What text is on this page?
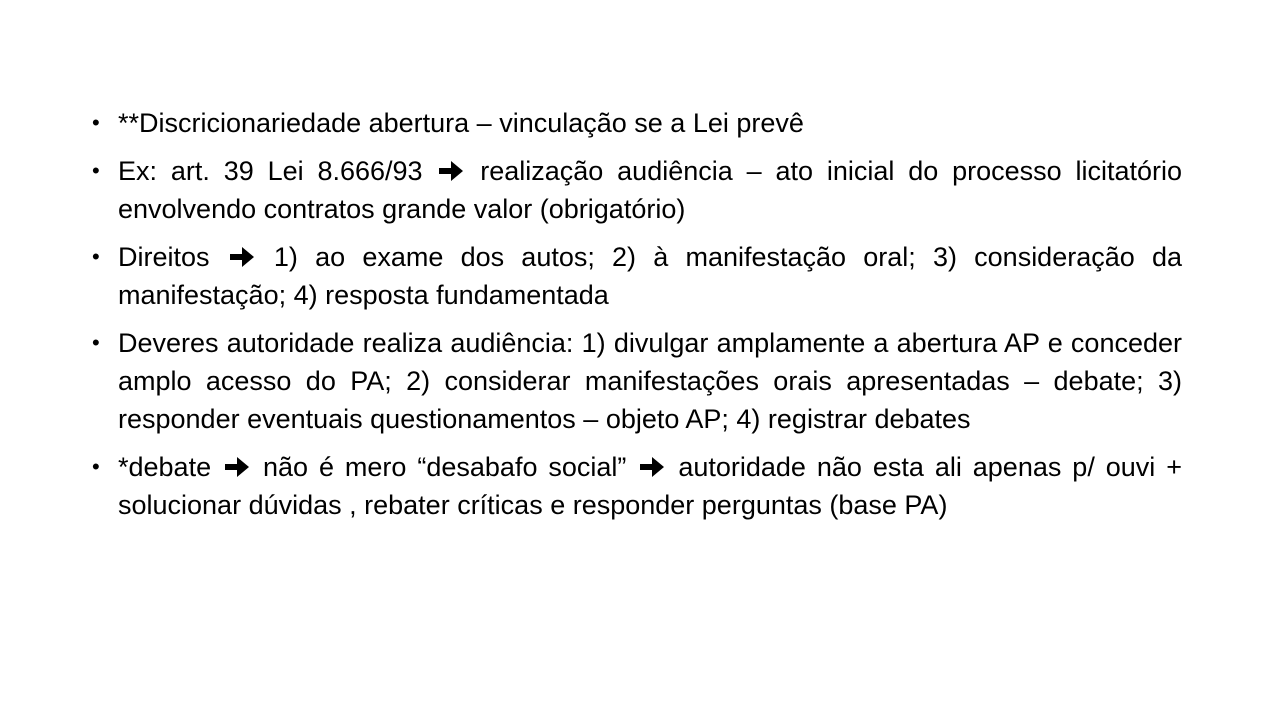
• **Discricionariedade abertura – vinculação se a Lei prevê
• Ex: art. 39 Lei 8.666/93
realização audiência – ato inicial do processo licitatório envolvendo contratos grande valor (obrigatório)
• Direitos
1) ao exame dos autos; 2) à manifestação oral; 3) consideração da manifestação; 4) resposta fundamentada
• Deveres autoridade realiza audiência: 1) divulgar amplamente a abertura AP e conceder amplo acesso do PA; 2) considerar manifestações orais apresentadas – debate; 3) responder eventuais questionamentos – objeto AP; 4) registrar debates
• *debate
não é mero “desabafo social”
autoridade não esta ali apenas p/ ouvi + solucionar dúvidas , rebater críticas e responder perguntas (base PA)
